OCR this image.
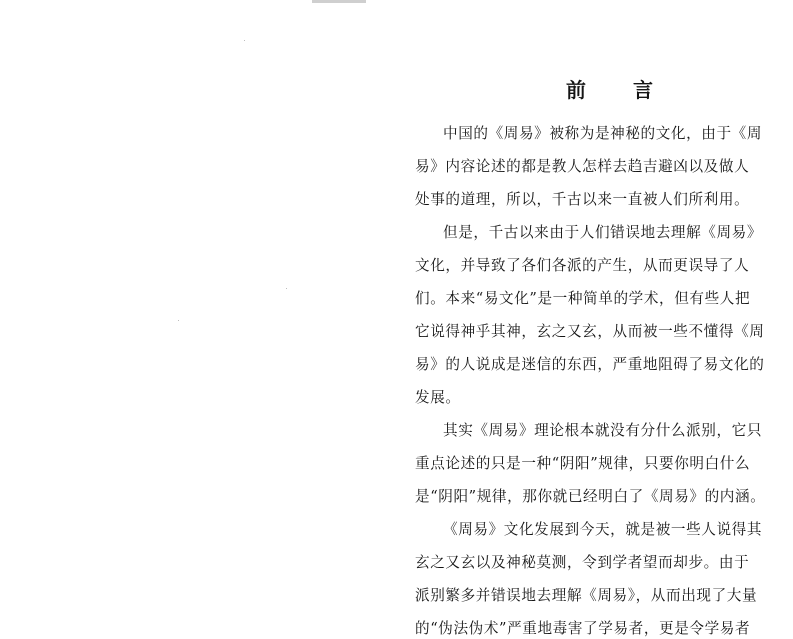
前 言
中国的《周易》被称为是神秘的文化，由于《周
易》内容论述的都是教人怎样去趋吉避凶以及做人
处事的道理，所以，千古以来一直被人们所利用。
但是，千古以来由于人们错误地去理解《周易》
文化，并导致了各们各派的产生，从而更误导了人
们。本来“易文化”是一种简单的学术，但有些人把
它说得神乎其神，玄之又玄，从而被一些不懂得《周
易》的人说成是迷信的东西，严重地阻碍了易文化的
发展。
其实《周易》理论根本就没有分什么派别，它只
重点论述的只是一种“阴阳”规律，只要你明白什么
是“阴阳”规律，那你就已经明白了《周易》的内涵。
《周易》文化发展到今天，就是被一些人说得其
玄之又玄以及神秘莫测，令到学者望而却步。由于
派别繁多并错误地去理解《周易》，从而出现了大量
的“伪法伪术”严重地毒害了学易者，更是令学易者
